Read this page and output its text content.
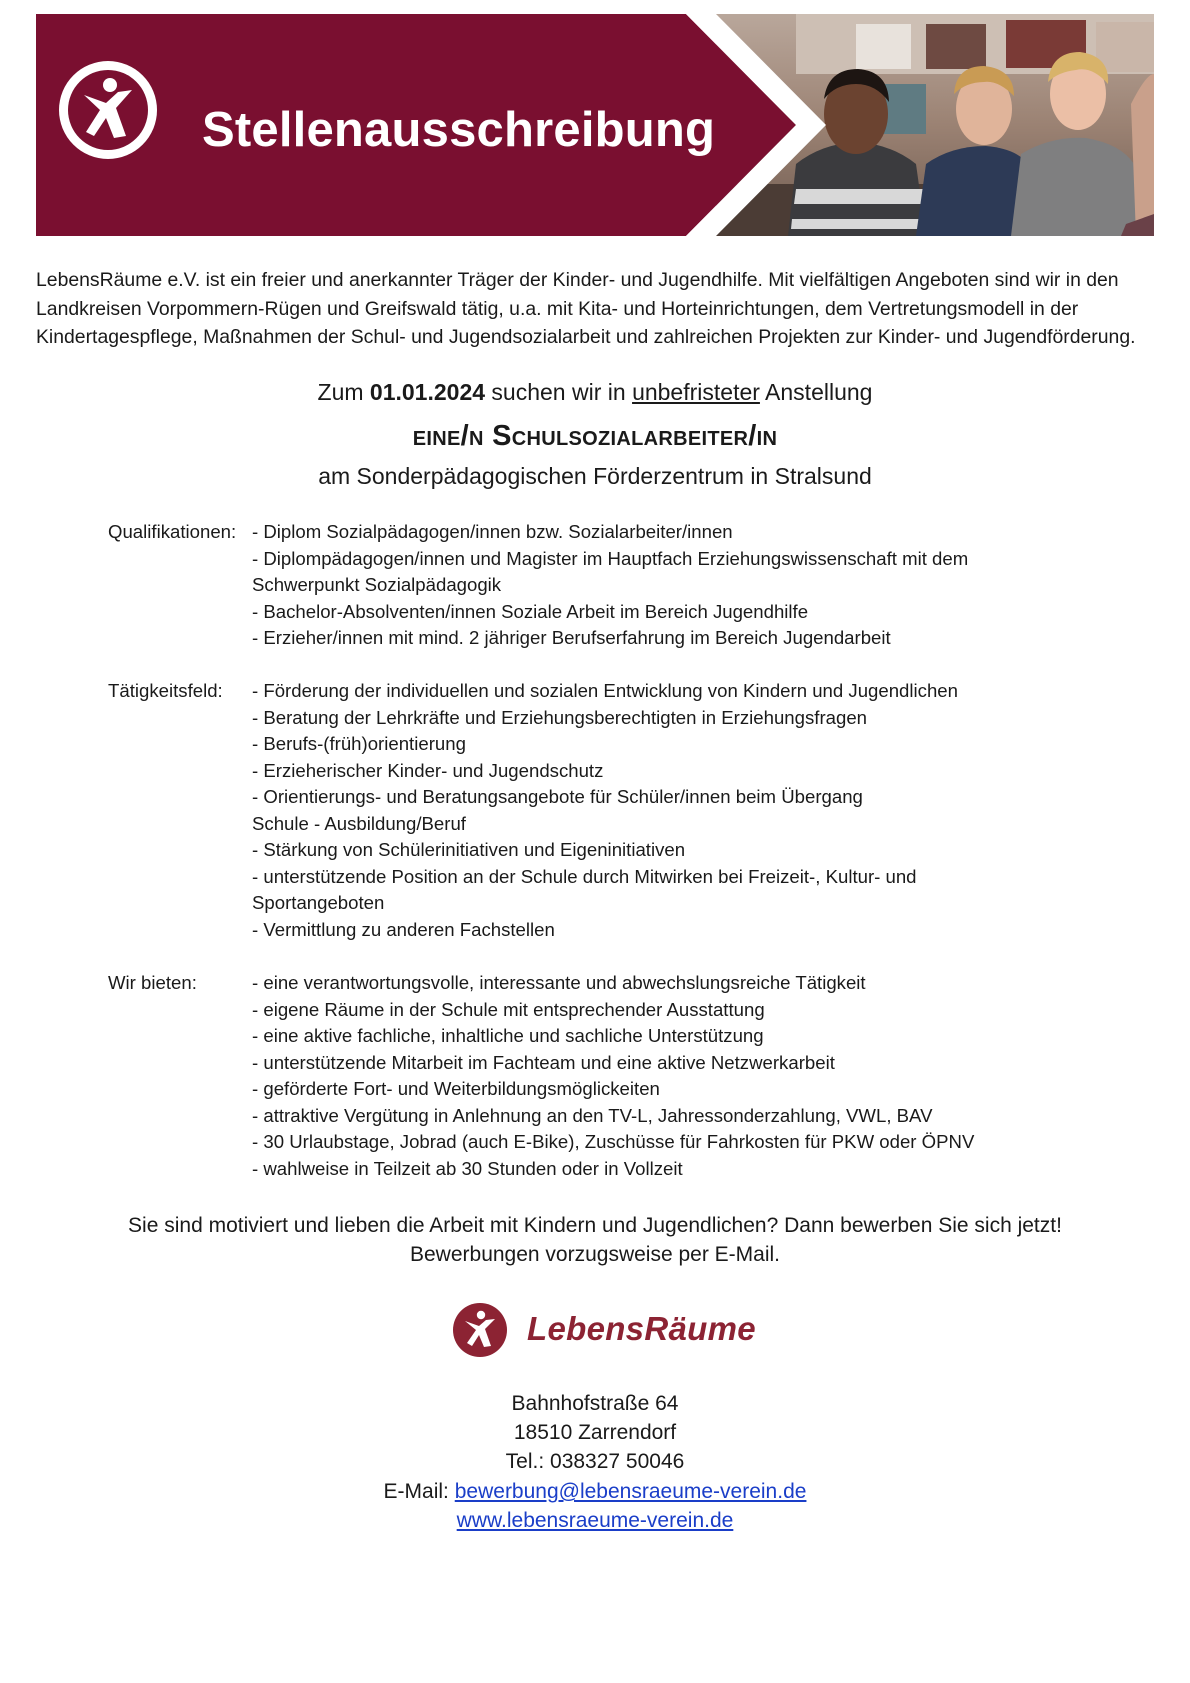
Stellenausschreibung

LebensRäume e.V. ist ein freier und anerkannter Träger der Kinder- und Jugendhilfe. Mit vielfältigen Angeboten sind wir in den

Landkreisen Vorpommern-Rügen und Greifswald tätig, u.a. mit Kita- und Horteinrichtungen, dem Vertretungsmodell in der

Kindertagespflege, Maßnahmen der Schul- und Jugendsozialarbeit und zahlreichen Projekten zur Kinder- und Jugendförderung.

Zum 01.01.2024 suchen wir in unbefristeter Anstellung
eine/n Schulsozialarbeiter/in
am Sonderpädagogischen Förderzentrum in Stralsund
Qualifikationen: - Diplom Sozialpädagogen/innen bzw. Sozialarbeiter/innen
- Diplompädagogen/innen und Magister im Hauptfach Erziehungswissenschaft mit dem
Schwerpunkt Sozialpädagogik
- Bachelor-Absolventen/innen Soziale Arbeit im Bereich Jugendhilfe
- Erzieher/innen mit mind. 2 jähriger Berufserfahrung im Bereich Jugendarbeit
Tätigkeitsfeld: - Förderung der individuellen und sozialen Entwicklung von Kindern und Jugendlichen
- Beratung der Lehrkräfte und Erziehungsberechtigten in Erziehungsfragen
- Berufs-(früh)orientierung
- Erzieherischer Kinder- und Jugendschutz
- Orientierungs- und Beratungsangebote für Schüler/innen beim Übergang
Schule - Ausbildung/Beruf
- Stärkung von Schülerinitiativen und Eigeninitiativen
- unterstützende Position an der Schule durch Mitwirken bei Freizeit-, Kultur- und
Sportangeboten
- Vermittlung zu anderen Fachstellen
Wir bieten:	- eine verantwortungsvolle, interessante und abwechslungsreiche Tätigkeit
- eigene Räume in der Schule mit entsprechender Ausstattung
- eine aktive fachliche, inhaltliche und sachliche Unterstützung
- unterstützende Mitarbeit im Fachteam und eine aktive Netzwerkarbeit
- geförderte Fort- und Weiterbildungsmöglickeiten
- attraktive Vergütung in Anlehnung an den TV-L, Jahressonderzahlung, VWL, BAV
- 30 Urlaubstage, Jobrad (auch E-Bike), Zuschüsse für Fahrkosten für PKW oder ÖPNV
- wahlweise in Teilzeit ab 30 Stunden oder in Vollzeit
Sie sind motiviert und lieben die Arbeit mit Kindern und Jugendlichen? Dann bewerben Sie sich jetzt!
Bewerbungen vorzugsweise per E-Mail.
LebensRäume
Bahnhofstraße 64
18510 Zarrendorf
Tel.: 038327 50046
E-Mail: bewerbung@lebensraeume-verein.de
www.lebensraeume-verein.de
